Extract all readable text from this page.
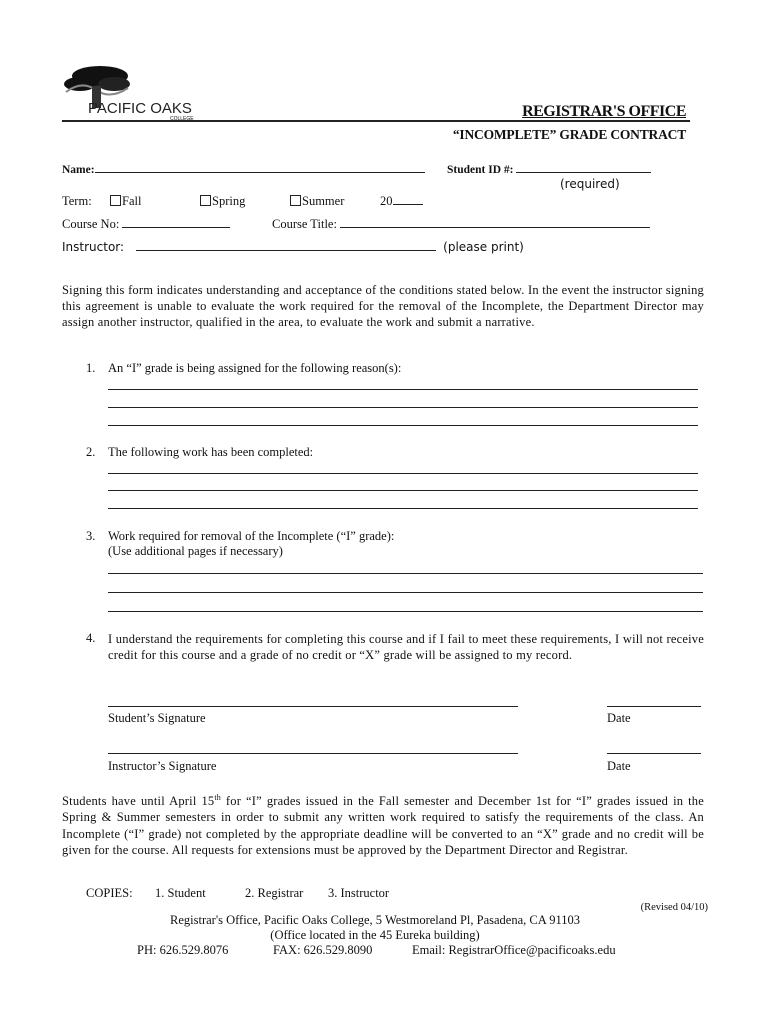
PACIFIC OAKS
COLLEGE	REGISTRAR'S OFFICE
“INCOMPLETE” GRADE CONTRACT
Name:	Student ID #:
(required)
Term:	Fall	Spring	Summer	20
Course No:	Course Title:
Instructor:	(please print)
Signing this form indicates understanding and acceptance of the conditions stated below. In the event the instructor signing this agreement is unable to evaluate the work required for the removal of the Incomplete, the Department Director may assign another instructor, qualified in the area, to evaluate the work and submit a narrative.
1. An “I” grade is being assigned for the following reason(s):
2. The following work has been completed:
3. Work required for removal of the Incomplete (“I” grade):
(Use additional pages if necessary)
4. I understand the requirements for completing this course and if I fail to meet these requirements, I will not receive credit for this course and a grade of no credit or “X” grade will be assigned to my record.
Student’s Signature	Date
Instructor’s Signature	Date
Students have until April 15th for “I” grades issued in the Fall semester and December 1st for “I” grades issued in the Spring & Summer semesters in order to submit any written work required to satisfy the requirements of the class. An Incomplete (“I” grade) not completed by the appropriate deadline will be converted to an “X” grade and no credit will be given for the course. All requests for extensions must be approved by the Department Director and Registrar.
COPIES: 1. Student	2. Registrar 3. Instructor
(Revised 04/10)
Registrar's Office, Pacific Oaks College, 5 Westmoreland Pl, Pasadena, CA 91103
(Office located in the 45 Eureka building)
PH: 626.529.8076	FAX: 626.529.8090	Email: RegistrarOffice@pacificoaks.edu
